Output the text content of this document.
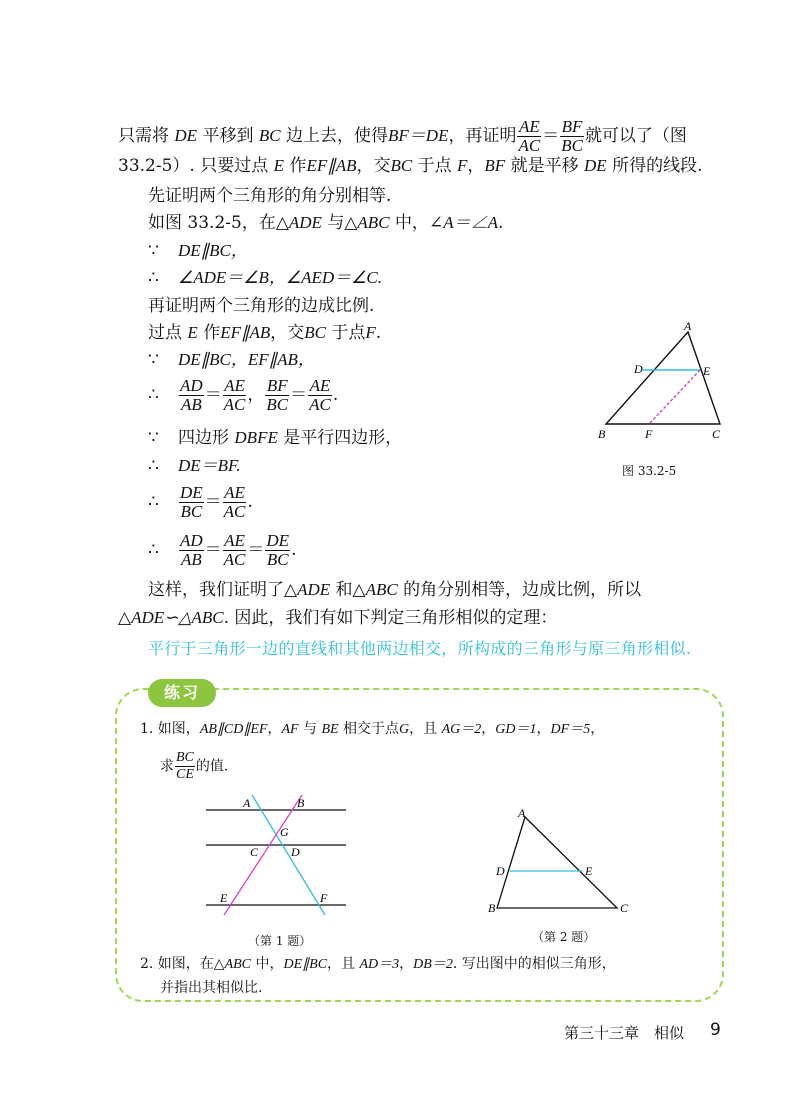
只需将 DE 平移到 BC 边上去，使得BF＝DE，再证明 $\frac{AE}{AC} = \frac{BF}{BC}$ 就可以了（图
33.2-5）. 只要过点 E 作EF∥AB，交BC 于点 F，BF 就是平移 DE 所得的线段.
先证明两个三角形的角分别相等.
如图 33.2-5，在△ADE 与△ABC 中，∠A＝∠A.
∵ DE∥BC，
∴ ∠ADE＝∠B，∠AED＝∠C.
再证明两个三角形的边成比例.
过点 E 作EF∥AB，交BC 于点F.
∵ DE∥BC，EF∥AB，
∴ $\frac{AD}{AB} = \frac{AE}{AC}$ ， $\frac{BF}{BC} = \frac{AE}{AC}$ .
∵ 四边形 DBFE 是平行四边形，
∴ DE＝BF.
∴ $\frac{DE}{BC} = \frac{AE}{AC}$ .
∴ $\frac{AD}{AB} = \frac{AE}{AC} = \frac{DE}{BC}$ .
这样，我们证明了△ADE 和△ABC 的角分别相等，边成比例，所以
△ADE∽△ABC. 因此，我们有如下判定三角形相似的定理：
平行于三角形一边的直线和其他两边相交，所构成的三角形与原三角形相似.
A
D	E
B	F	C
图 33.2-5
练习
1. 如图，AB∥CD∥EF，AF 与 BE 相交于点G，且 AG＝2，GD＝1，DF＝5，
求 $\frac{BC}{CE}$ 的值.
A	B
G
C	D
E	F
（第 1 题）
A
D	E
B	C
（第 2 题）
2. 如图，在△ABC 中，DE∥BC，且 AD＝3，DB＝2. 写出图中的相似三角形，
并指出其相似比.
第三十三章　相似 9
